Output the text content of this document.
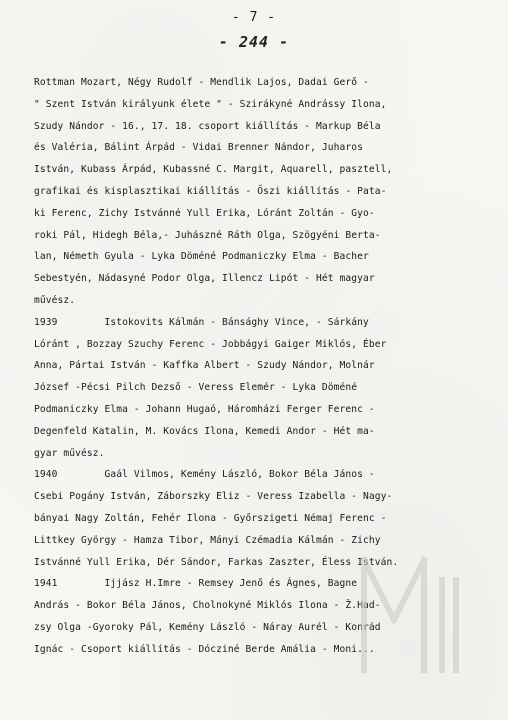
- 7 -
- 244 -
Rottman Mozart, Négy Rudolf - Mendlik Lajos, Dadai Gerő -
" Szent István királyunk élete " - Szirákyné Andrássy Ilona,
Szudy Nándor - 16., 17. 18. csoport kiállítás - Markup Béla
és Valéria, Bálint Árpád - Vidai Brenner Nándor, Juharos
István, Kubass Árpád, Kubassné C. Margit, Aquarell, pasztell,
grafikai és kisplasztikai kiállítás - Őszi kiállítás - Pata-
ki Ferenc, Zichy Istvánné Yull Erika, Lóránt Zoltán - Gyo-
roki Pál, Hidegh Béla,- Juhászné Ráth Olga, Szögyéni Berta-
lan, Németh Gyula - Lyka Döméné Podmaniczky Elma - Bacher
Sebestyén, Nádasyné Podor Olga, Illencz Lipót - Hét magyar
művész.
1939        Istokovits Kálmán - Bánsághy Vince, - Sárkány
Lóránt , Bozzay Szuchy Ferenc - Jobbágyi Gaiger Miklós, Éber
Anna, Pártai István - Kaffka Albert - Szudy Nándor, Molnár
József -Pécsi Pilch Dezső - Veress Elemér - Lyka Döméné
Podmaniczky Elma - Johann Hugaó, Háromházi Ferger Ferenc -
Degenfeld Katalin, M. Kovács Ilona, Kemedi Andor - Hét ma-
gyar művész.
1940        Gaál Vilmos, Kemény László, Bokor Béla János -
Csebi Pogány István, Záborszky Eliz - Veress Izabella - Nagy-
bányai Nagy Zoltán, Fehér Ilona - Győrszigeti Némaj Ferenc -
Littkey György - Hamza Tibor, Mányi Czémadia Kálmán - Zichy
Istvánné Yull Erika, Dér Sándor, Farkas Zaszter, Éless István.
1941        Ijjász H.Imre - Remsey Jenő és Ágnes, Bagne
András - Bokor Béla János, Cholnokyné Miklós Ilona - Ž.Had-
zsy Olga -Gyoroky Pál, Kemény László - Náray Aurél - Konrád
Ignác - Csoport kiállítás - Dócziné Berde Amália - Moni...
